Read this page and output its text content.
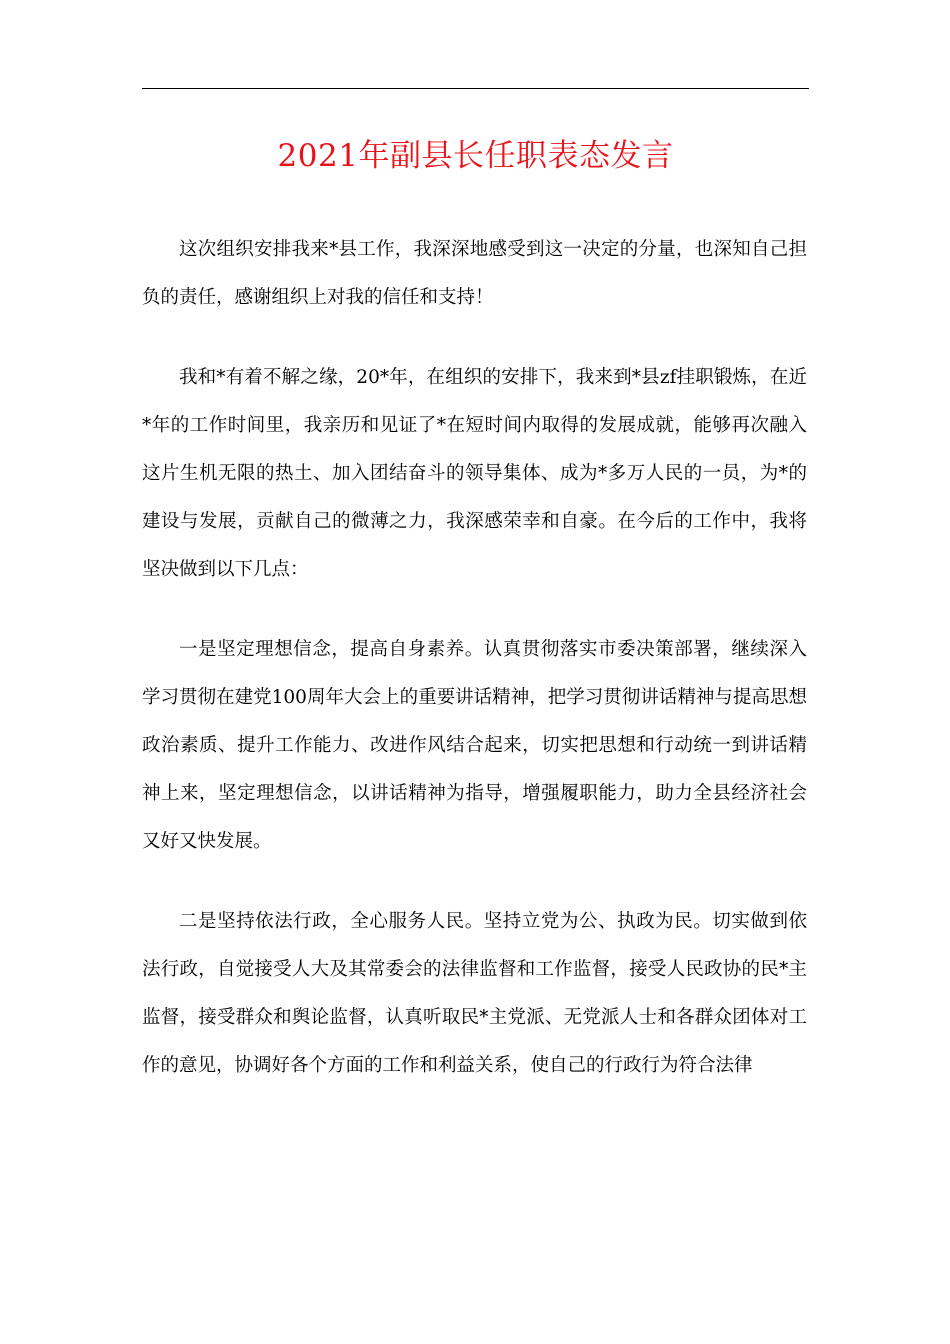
2021年副县长任职表态发言

这次组织安排我来*县工作，我深深地感受到这一决定的分量，也深知自己担负的责任，感谢组织上对我的信任和支持！

我和*有着不解之缘，20*年，在组织的安排下，我来到*县zf挂职锻炼，在近*年的工作时间里，我亲历和见证了*在短时间内取得的发展成就，能够再次融入这片生机无限的热土、加入团结奋斗的领导集体、成为*多万人民的一员，为*的建设与发展，贡献自己的微薄之力，我深感荣幸和自豪。在今后的工作中，我将坚决做到以下几点：

一是坚定理想信念，提高自身素养。认真贯彻落实市委决策部署，继续深入学习贯彻在建党100周年大会上的重要讲话精神，把学习贯彻讲话精神与提高思想政治素质、提升工作能力、改进作风结合起来，切实把思想和行动统一到讲话精神上来，坚定理想信念，以讲话精神为指导，增强履职能力，助力全县经济社会又好又快发展。

二是坚持依法行政，全心服务人民。坚持立党为公、执政为民。切实做到依法行政，自觉接受人大及其常委会的法律监督和工作监督，接受人民政协的民*主监督，接受群众和舆论监督，认真听取民*主党派、无党派人士和各群众团体对工作的意见，协调好各个方面的工作和利益关系，使自己的行政行为符合法律
